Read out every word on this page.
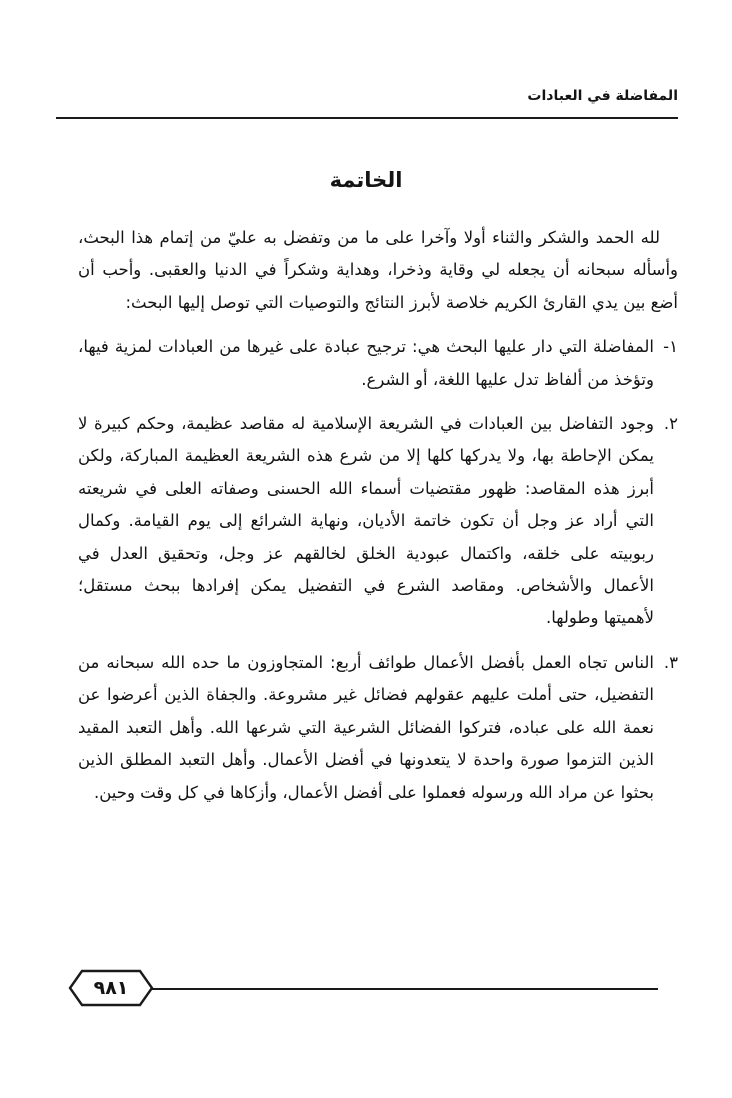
المفاضلة في العبادات
الخاتمة

لله الحمد والشكر والثناء أولا وآخرا على ما من وتفضل به عليّ من إتمام هذا البحث، وأسأله سبحانه أن يجعله لي وقاية وذخرا، وهداية وشكراً في الدنيا والعقبى. وأحب أن أضع بين يدي القارئ الكريم خلاصة لأبرز النتائج والتوصيات التي توصل إليها البحث:

١-
المفاضلة التي دار عليها البحث هي: ترجيح عبادة على غيرها من العبادات لمزية فيها، وتؤخذ من ألفاظ تدل عليها اللغة، أو الشرع.
٢.
وجود التفاضل بين العبادات في الشريعة الإسلامية له مقاصد عظيمة، وحكم كبيرة لا يمكن الإحاطة بها، ولا يدركها كلها إلا من شرع هذه الشريعة العظيمة المباركة، ولكن أبرز هذه المقاصد: ظهور مقتضيات أسماء الله الحسنى وصفاته العلى في شريعته التي أراد عز وجل أن تكون خاتمة الأديان، ونهاية الشرائع إلى يوم القيامة. وكمال ربوبيته على خلقه، واكتمال عبودية الخلق لخالقهم عز وجل، وتحقيق العدل في الأعمال والأشخاص. ومقاصد الشرع في التفضيل يمكن إفرادها ببحث مستقل؛ لأهميتها وطولها.
٣.
الناس تجاه العمل بأفضل الأعمال طوائف أربع: المتجاوزون ما حده الله سبحانه من التفضيل، حتى أملت عليهم عقولهم فضائل غير مشروعة. والجفاة الذين أعرضوا عن نعمة الله على عباده، فتركوا الفضائل الشرعية التي شرعها الله. وأهل التعبد المقيد الذين التزموا صورة واحدة لا يتعدونها في أفضل الأعمال. وأهل التعبد المطلق الذين بحثوا عن مراد الله ورسوله فعملوا على أفضل الأعمال، وأزكاها في كل وقت وحين.
٩٨١
